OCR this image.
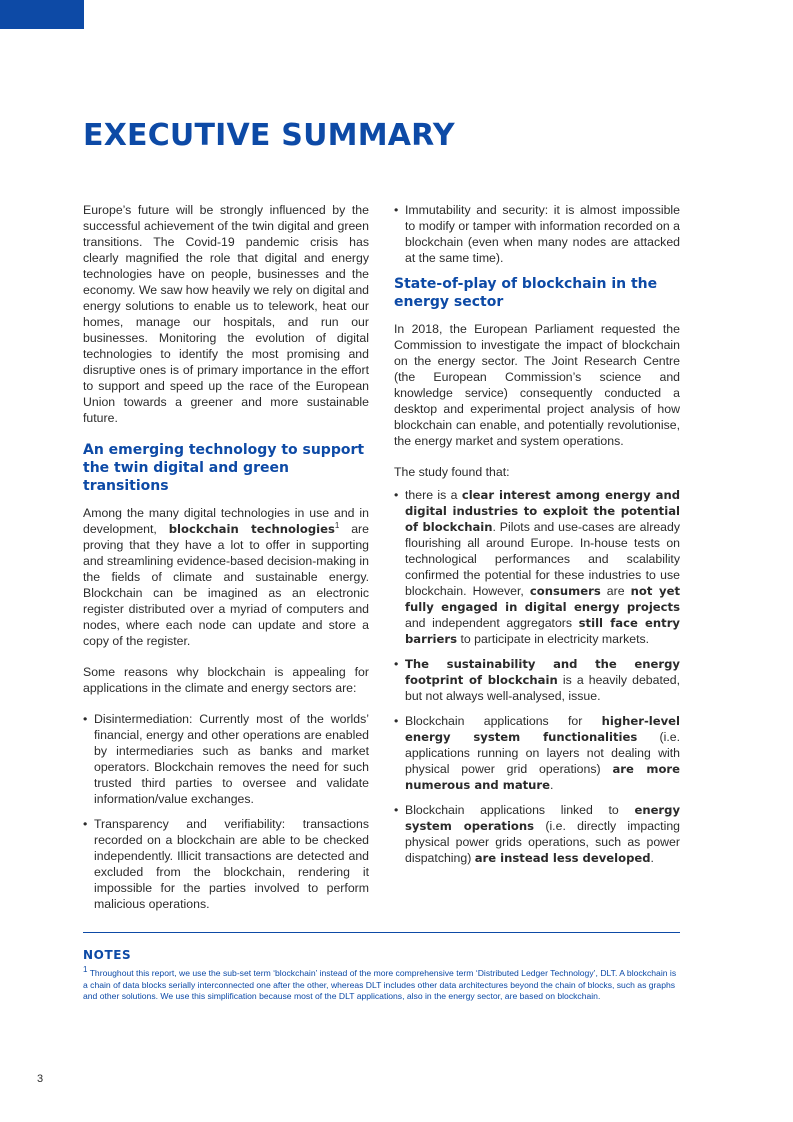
EXECUTIVE SUMMARY

Europe’s future will be strongly influenced by the successful achievement of the twin digital and green transitions. The Covid-19 pandemic crisis has clearly magnified the role that digital and energy technologies have on people, businesses and the economy. We saw how heavily we rely on digital and energy solutions to enable us to telework, heat our homes, manage our hospitals, and run our businesses. Monitoring the evolution of digital technologies to identify the most promising and disruptive ones is of primary importance in the effort to support and speed up the race of the European Union towards a greener and more sustainable future.

An emerging technology to support the twin digital and green transitions

Among the many digital technologies in use and in development, blockchain technologies$^1$ are proving that they have a lot to offer in supporting and streamlining evidence-based decision-making in the fields of climate and sustainable energy. Blockchain can be imagined as an electronic register distributed over a myriad of computers and nodes, where each node can update and store a copy of the register.

Some reasons why blockchain is appealing for applications in the climate and energy sectors are:

• Disintermediation: Currently most of the worlds’ financial, energy and other operations are enabled by intermediaries such as banks and market operators. Blockchain removes the need for such trusted third parties to oversee and validate information/value exchanges.
• Transparency and verifiability: transactions recorded on a blockchain are able to be checked independently. Illicit transactions are detected and excluded from the blockchain, rendering it impossible for the parties involved to perform malicious operations.
• Immutability and security: it is almost impossible to modify or tamper with information recorded on a blockchain (even when many nodes are attacked at the same time).
State-of-play of blockchain in the energy sector

In 2018, the European Parliament requested the Commission to investigate the impact of blockchain on the energy sector. The Joint Research Centre (the European Commission’s science and knowledge service) consequently conducted a desktop and experimental project analysis of how blockchain can enable, and potentially revolutionise, the energy market and system operations.

The study found that:

• there is a clear interest among energy and digital industries to exploit the potential of blockchain. Pilots and use-cases are already flourishing all around Europe. In-house tests on technological performances and scalability confirmed the potential for these industries to use blockchain. However, consumers are not yet fully engaged in digital energy projects and independent aggregators still face entry barriers to participate in electricity markets.
• The sustainability and the energy footprint of blockchain is a heavily debated, but not always well-analysed, issue.
• Blockchain applications for higher-level energy system functionalities (i.e. applications running on layers not dealing with physical power grid operations) are more numerous and mature.
• Blockchain applications linked to energy system operations (i.e. directly impacting physical power grids operations, such as power dispatching) are instead less developed.
NOTES

$^1$ Throughout this report, we use the sub-set term ‘blockchain’ instead of the more comprehensive term ‘Distributed Ledger Technology’, DLT. A blockchain is a chain of data blocks serially interconnected one after the other, whereas DLT includes other data architectures beyond the chain of blocks, such as graphs and other solutions. We use this simplification because most of the DLT applications, also in the energy sector, are based on blockchain.

3
